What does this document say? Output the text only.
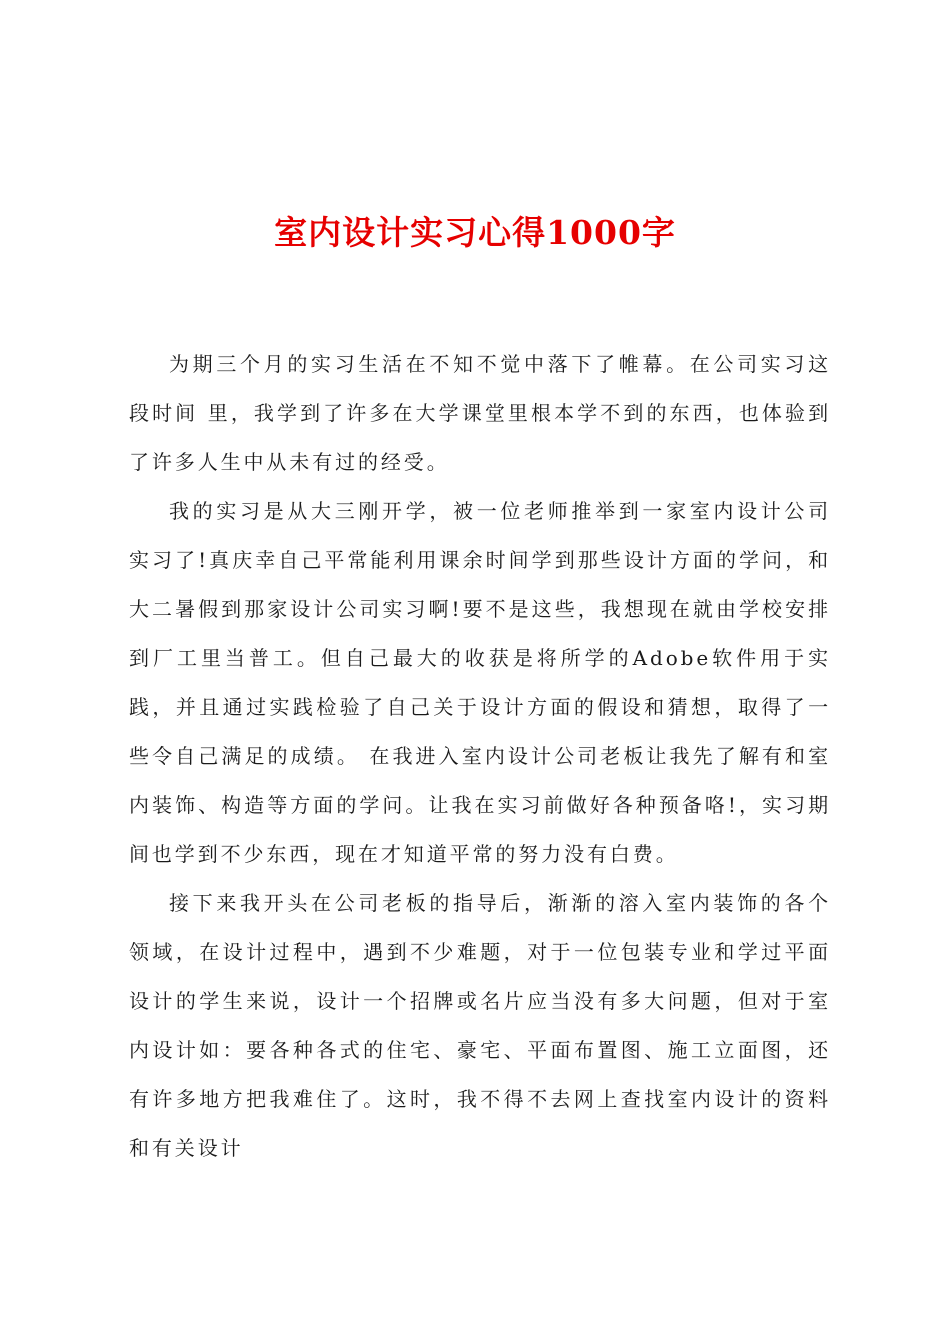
室内设计实习心得1000字

为期三个月的实习生活在不知不觉中落下了帷幕。在公司实习这段时间 里，我学到了许多在大学课堂里根本学不到的东西，也体验到了许多人生中从未有过的经受。

我的实习是从大三刚开学，被一位老师推举到一家室内设计公司实习了!真庆幸自己平常能利用课余时间学到那些设计方面的学问，和大二暑假到那家设计公司实习啊!要不是这些，我想现在就由学校安排到厂工里当普工。但自己最大的收获是将所学的Adobe软件用于实践，并且通过实践检验了自己关于设计方面的假设和猜想，取得了一些令自己满足的成绩。 在我进入室内设计公司老板让我先了解有和室内装饰、构造等方面的学问。让我在实习前做好各种预备咯!，实习期间也学到不少东西，现在才知道平常的努力没有白费。

接下来我开头在公司老板的指导后，渐渐的溶入室内装饰的各个领域，在设计过程中，遇到不少难题，对于一位包装专业和学过平面设计的学生来说，设计一个招牌或名片应当没有多大问题，但对于室内设计如：要各种各式的住宅、豪宅、平面布置图、施工立面图，还有许多地方把我难住了。这时，我不得不去网上查找室内设计的资料和有关设计
